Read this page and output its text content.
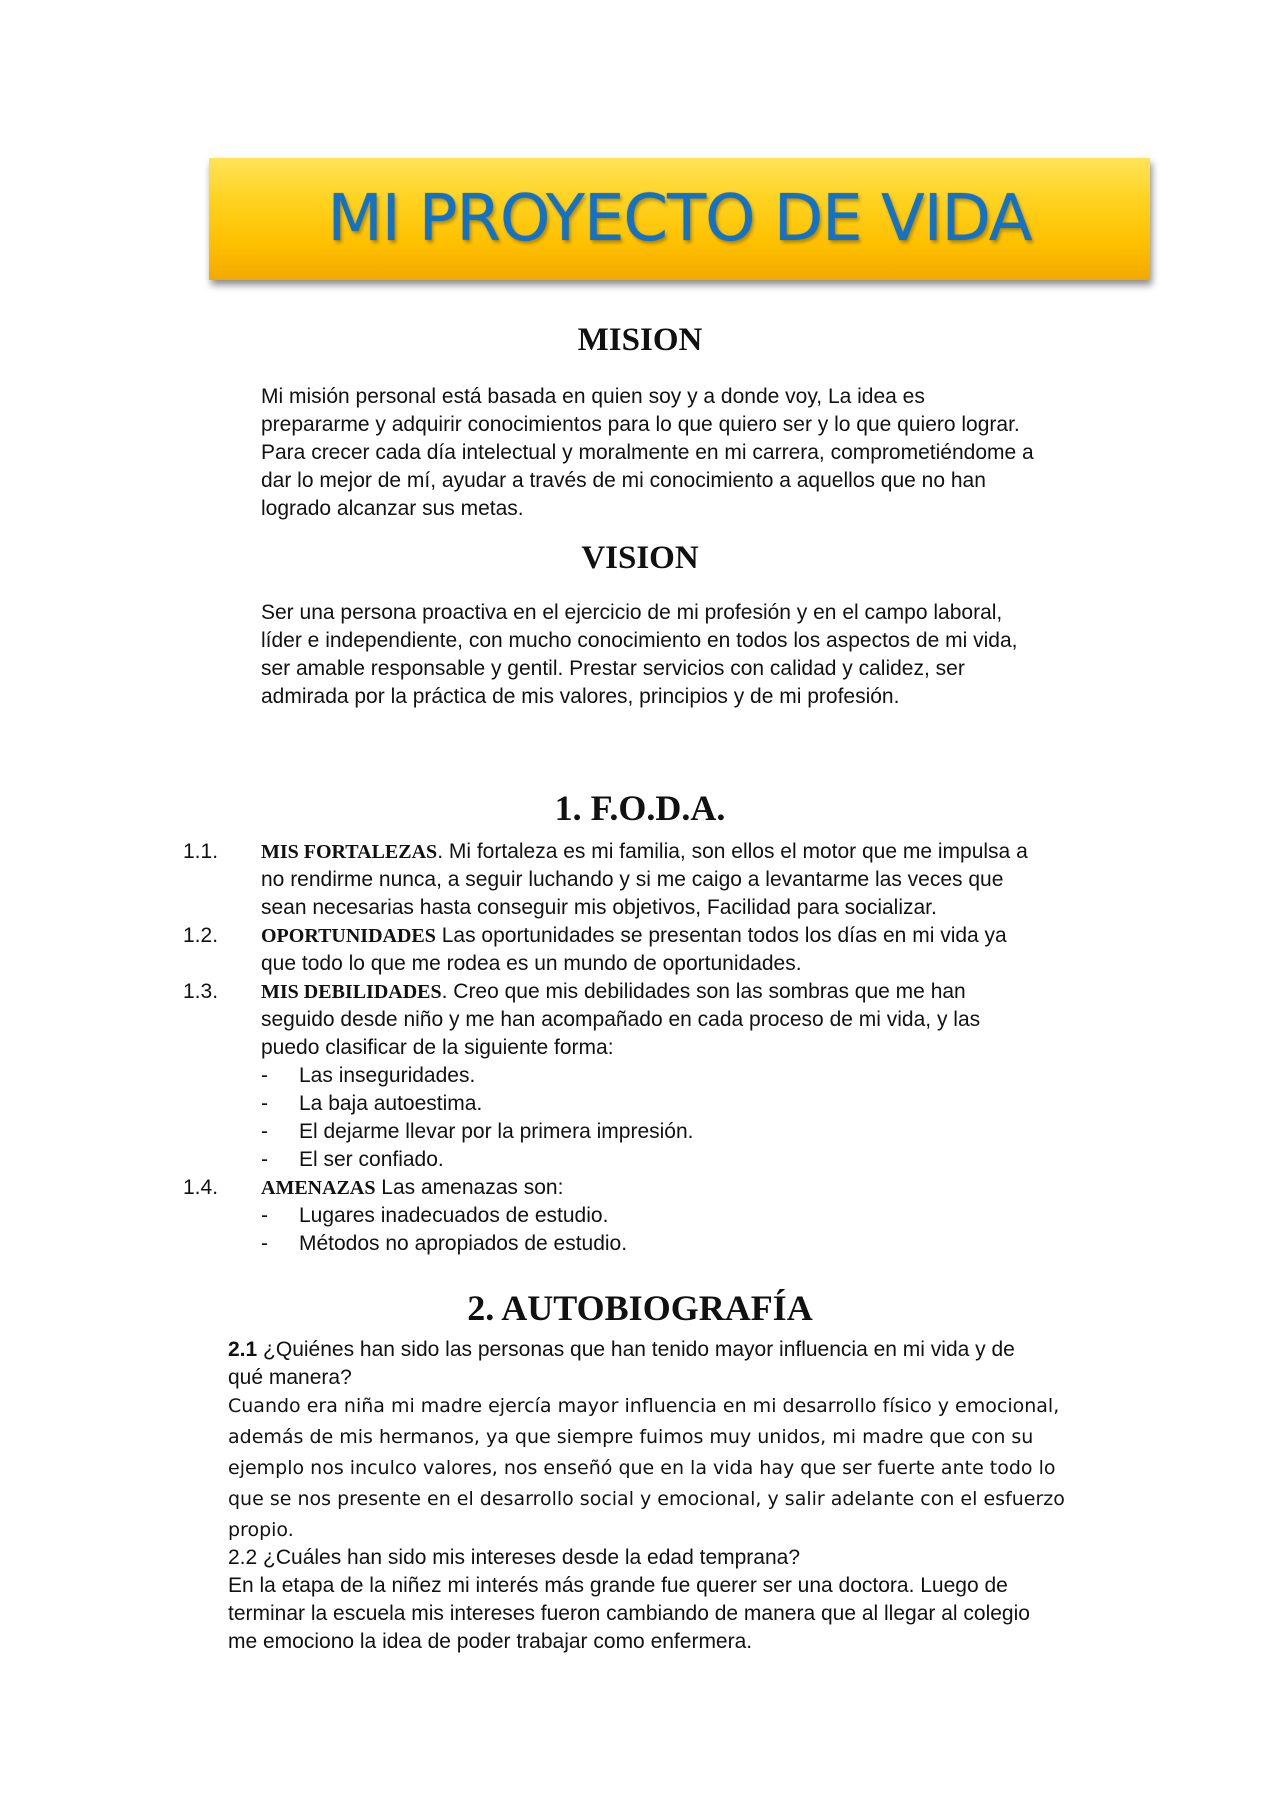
MI PROYECTO DE VIDA
MISION
Mi misión personal está basada en quien soy y a donde voy, La idea es
prepararme y adquirir conocimientos para lo que quiero ser y lo que quiero lograr.
Para crecer cada día intelectual y moralmente en mi carrera, comprometiéndome a
dar lo mejor de mí, ayudar a través de mi conocimiento a aquellos que no han
logrado alcanzar sus metas.
VISION
Ser una persona proactiva en el ejercicio de mi profesión y en el campo laboral,
líder e independiente, con mucho conocimiento en todos los aspectos de mi vida,
ser amable responsable y gentil. Prestar servicios con calidad y calidez, ser
admirada por la práctica de mis valores, principios y de mi profesión.
1. F.O.D.A.
1.1. MIS FORTALEZAS. Mi fortaleza es mi familia, son ellos el motor que me impulsa a
no rendirme nunca, a seguir luchando y si me caigo a levantarme las veces que
sean necesarias hasta conseguir mis objetivos, Facilidad para socializar.
1.2. OPORTUNIDADES Las oportunidades se presentan todos los días en mi vida ya
que todo lo que me rodea es un mundo de oportunidades.
1.3. MIS DEBILIDADES. Creo que mis debilidades son las sombras que me han
seguido desde niño y me han acompañado en cada proceso de mi vida, y las
puedo clasificar de la siguiente forma:
- Las inseguridades.
- La baja autoestima.
- El dejarme llevar por la primera impresión.
- El ser confiado.
1.4. AMENAZAS Las amenazas son:
- Lugares inadecuados de estudio.
- Métodos no apropiados de estudio.
2. AUTOBIOGRAFÍA
2.1 ¿Quiénes han sido las personas que han tenido mayor influencia en mi vida y de
qué manera?
Cuando era niña mi madre ejercía mayor influencia en mi desarrollo físico y emocional,
además de mis hermanos, ya que siempre fuimos muy unidos, mi madre que con su
ejemplo nos inculco valores, nos enseñó que en la vida hay que ser fuerte ante todo lo
que se nos presente en el desarrollo social y emocional, y salir adelante con el esfuerzo
propio.
2.2 ¿Cuáles han sido mis intereses desde la edad temprana?
En la etapa de la niñez mi interés más grande fue querer ser una doctora. Luego de
terminar la escuela mis intereses fueron cambiando de manera que al llegar al colegio
me emociono la idea de poder trabajar como enfermera.
